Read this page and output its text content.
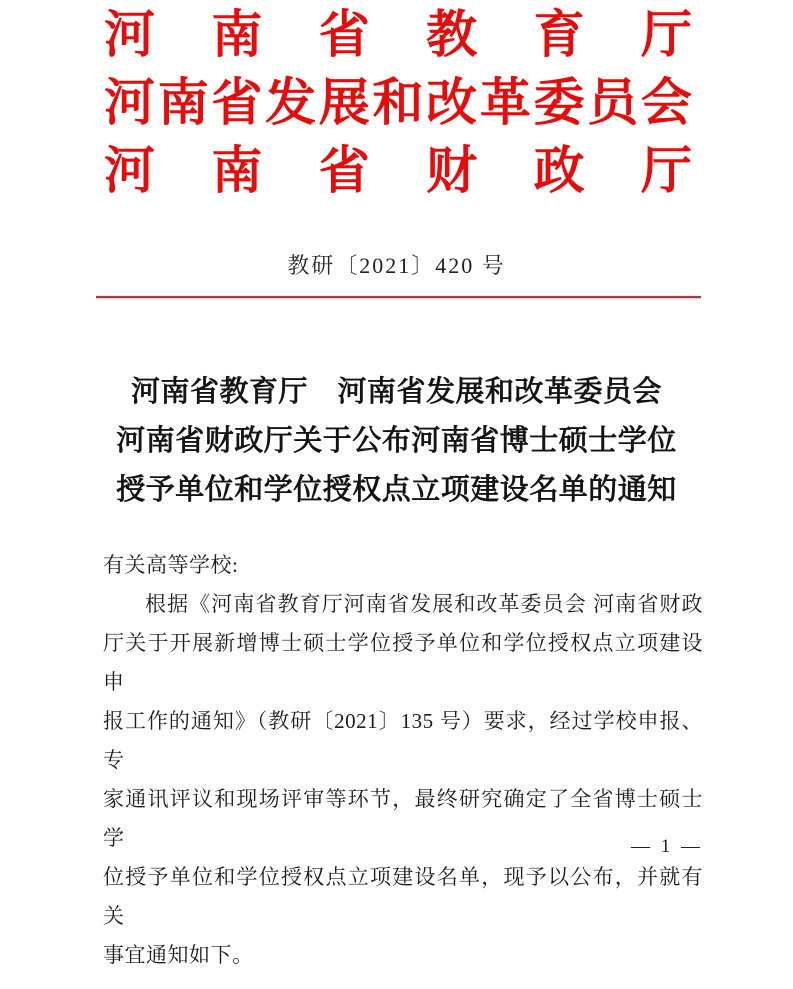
河 南 省 教 育 厅
河 南 省 发 展 和 改 革 委 员 会
河 南 省 财 政 厅
教研〔2021〕420 号
河南省教育厅　河南省发展和改革委员会
河南省财政厅关于公布河南省博士硕士学位
授予单位和学位授权点立项建设名单的通知

有关高等学校:

根据《河南省教育厅河南省发展和改革委员会 河南省财政

厅关于开展新增博士硕士学位授予单位和学位授权点立项建设申

报工作的通知》（教研〔2021〕135 号）要求，经过学校申报、专

家通讯评议和现场评审等环节，最终研究确定了全省博士硕士学

位授予单位和学位授权点立项建设名单，现予以公布，并就有关

事宜通知如下。

— 1 —
